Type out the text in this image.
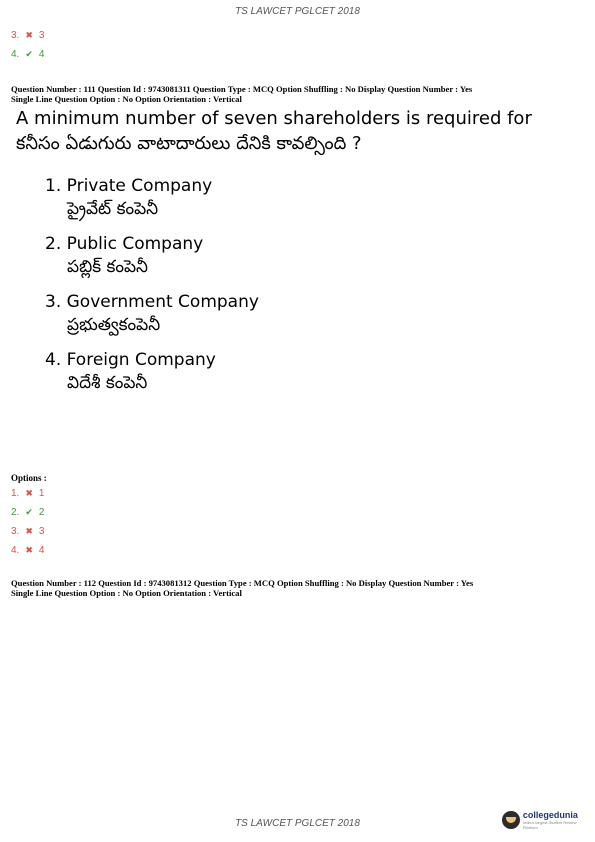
TS LAWCET PGLCET 2018
3. ✖ 3
4. ✔ 4
Question Number : 111 Question Id : 9743081311 Question Type : MCQ Option Shuffling : No Display Question Number : Yes
Single Line Question Option : No Option Orientation : Vertical
A minimum number of seven shareholders is required for
కనీసం ఏడుగురు వాటాదారులు దేనికి కావల్సింది ?
1. Private Company
ప్రైవేట్ కంపెనీ
2. Public Company
పబ్లిక్ కంపెనీ
3. Government Company
ప్రభుత్వకంపెనీ
4. Foreign Company
విదేశీ కంపెనీ
Options :
1. ✖ 1
2. ✔ 2
3. ✖ 3
4. ✖ 4
Question Number : 112 Question Id : 9743081312 Question Type : MCQ Option Shuffling : No Display Question Number : Yes
Single Line Question Option : No Option Orientation : Vertical
TS LAWCET PGLCET 2018
collegedunia
India's largest Student Review Platform
